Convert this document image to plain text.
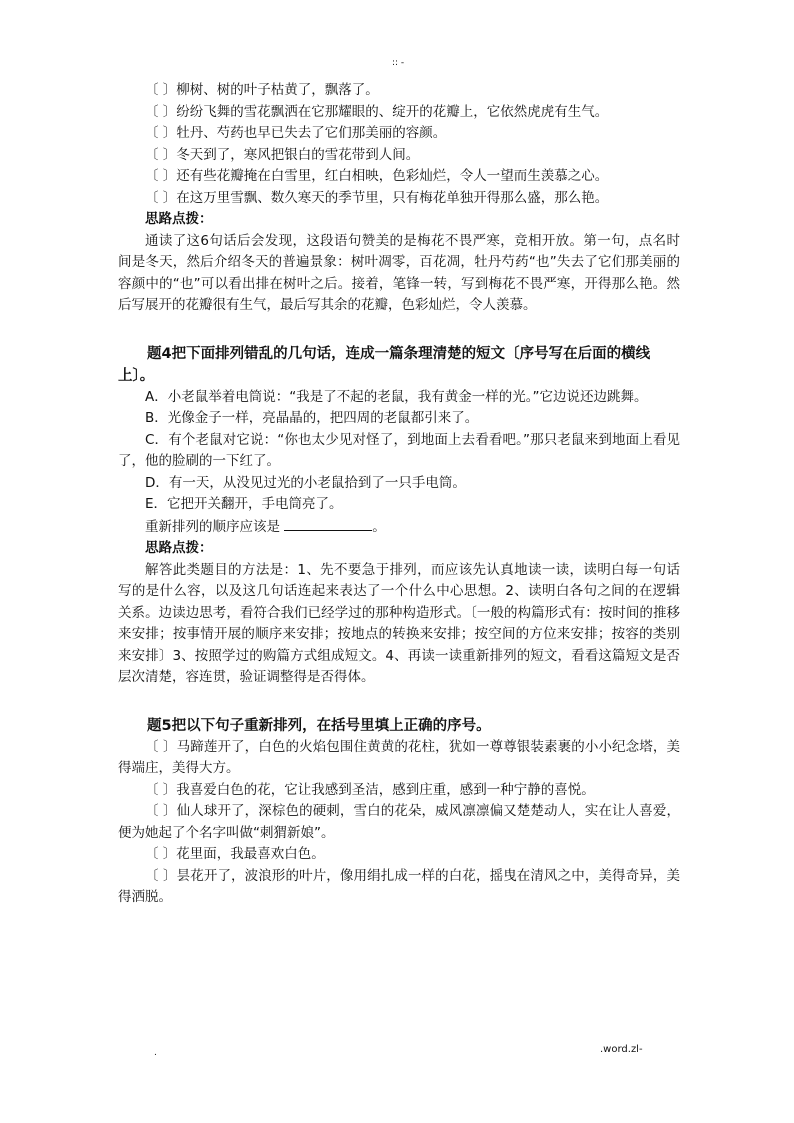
:: -

〔 〕柳树、树的叶子枯黄了，飘落了。

〔 〕纷纷飞舞的雪花飘洒在它那耀眼的、绽开的花瓣上，它依然虎虎有生气。

〔 〕牡丹、芍药也早已失去了它们那美丽的容颜。

〔 〕冬天到了，寒风把银白的雪花带到人间。

〔 〕还有些花瓣掩在白雪里，红白相映，色彩灿烂，令人一望而生羡慕之心。

〔 〕在这万里雪飘、数久寒天的季节里，只有梅花单独开得那么盛，那么艳。

思路点拨：

通读了这6句话后会发现，这段语句赞美的是梅花不畏严寒，竞相开放。第一句，点名时间是冬天，然后介绍冬天的普遍景象：树叶凋零，百花凋，牡丹芍药“也”失去了它们那美丽的容颜中的“也”可以看出排在树叶之后。接着，笔锋一转，写到梅花不畏严寒，开得那么艳。然后写展开的花瓣很有生气，最后写其余的花瓣，色彩灿烂，令人羡慕。

题4把下面排列错乱的几句话，连成一篇条理清楚的短文〔序号写在后面的横线上〕。

A．小老鼠举着电筒说：“我是了不起的老鼠，我有黄金一样的光。”它边说还边跳舞。

B．光像金子一样，亮晶晶的，把四周的老鼠都引来了。

C．有个老鼠对它说：“你也太少见对怪了，到地面上去看看吧。”那只老鼠来到地面上看见了，他的脸刷的一下红了。

D．有一天，从没见过光的小老鼠拾到了一只手电筒。

E．它把开关翻开，手电筒亮了。

重新排列的顺序应该是	。

思路点拨：

解答此类题目的方法是：1、先不要急于排列，而应该先认真地读一读，读明白每一句话写的是什么容，以及这几句话连起来表达了一个什么中心思想。2、读明白各句之间的在逻辑关系。边读边思考，看符合我们已经学过的那种构造形式。〔一般的构篇形式有：按时间的推移来安排；按事情开展的顺序来安排；按地点的转换来安排；按空间的方位来安排；按容的类别来安排〕3、按照学过的购篇方式组成短文。4、再读一读重新排列的短文，看看这篇短文是否层次清楚，容连贯，验证调整得是否得体。

题5把以下句子重新排列，在括号里填上正确的序号。

〔 〕马蹄莲开了，白色的火焰包围住黄黄的花柱，犹如一尊尊银装素裹的小小纪念塔，美得端庄，美得大方。

〔 〕我喜爱白色的花，它让我感到圣洁，感到庄重，感到一种宁静的喜悦。

〔 〕仙人球开了，深棕色的硬刺，雪白的花朵，威风凛凛偏又楚楚动人，实在让人喜爱，便为她起了个名字叫做“刺猬新娘”。

〔 〕花里面，我最喜欢白色。

〔 〕昙花开了，波浪形的叶片，像用绢扎成一样的白花，摇曳在清风之中，美得奇异，美得洒脱。

.	.word.zl-
